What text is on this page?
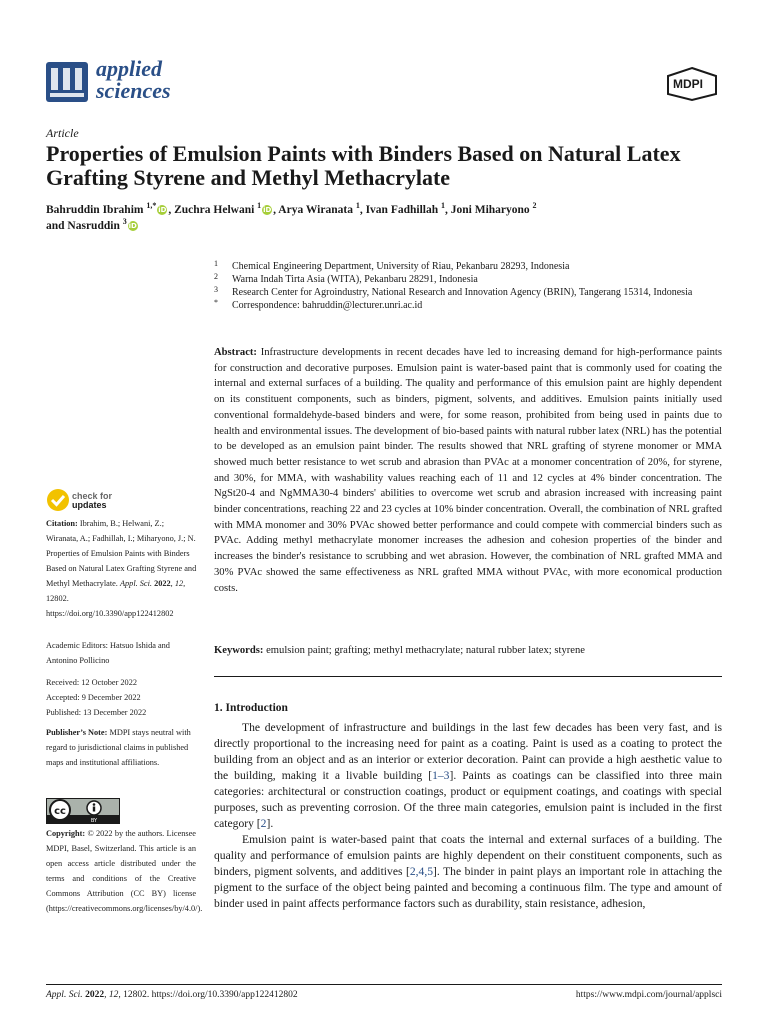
applied
sciences	MDPI
Article
Properties of Emulsion Paints with Binders Based on Natural Latex Grafting Styrene and Methyl Methacrylate
Bahruddin Ibrahim $^{1,*}$ iD , Zuchra Helwani $^1$ iD , Arya Wiranata $^1$, Ivan Fadhillah $^1$, Joni Miharyono $^2$
and Nasruddin $^3$ iD
1 Chemical Engineering Department, University of Riau, Pekanbaru 28293, Indonesia
2 Warna Indah Tirta Asia (WITA), Pekanbaru 28291, Indonesia
3 Research Center for Agroindustry, National Research and Innovation Agency (BRIN), Tangerang 15314, Indonesia
* Correspondence: bahruddin@lecturer.unri.ac.id
Abstract: Infrastructure developments in recent decades have led to increasing demand for high-performance paints for construction and decorative purposes. Emulsion paint is water-based paint that is commonly used for coating the internal and external surfaces of a building. The quality and performance of this emulsion paint are highly dependent on its constituent components, such as binders, pigment, solvents, and additives. Emulsion paints initially used conventional formaldehyde-based binders and were, for some reason, prohibited from being used in paints due to health and environmental issues. The development of bio-based paints with natural rubber latex (NRL) has the potential to be developed as an emulsion paint binder. The results showed that NRL grafting of styrene monomer or MMA showed much better resistance to wet scrub and abrasion than PVAc at a monomer concentration of 20%, for styrene, and 30%, for MMA, with washability values reaching each of 11 and 12 cycles at 4% binder concentration. The NgSt20-4 and NgMMA30-4 binders' abilities to overcome wet scrub and abrasion increased with increasing paint binder concentrations, reaching 22 and 23 cycles at 10% binder concentration. Overall, the combination of NRL grafted with MMA monomer and 30% PVAc showed better performance and could compete with commercial binders such as PVAc. Adding methyl methacrylate monomer increases the adhesion and cohesion properties of the binder and increases the binder's resistance to scrubbing and wet abrasion. However, the combination of NRL grafted MMA and 30% PVAc showed the same effectiveness as NRL grafted MMA without PVAc, with more economical production costs.
Keywords: emulsion paint; grafting; methyl methacrylate; natural rubber latex; styrene
check for
updates
Citation: Ibrahim, B.; Helwani, Z.; Wiranata, A.; Fadhillah, I.; Miharyono, J.; N. Properties of Emulsion Paints with Binders Based on Natural Latex Grafting Styrene and Methyl Methacrylate. Appl. Sci. 2022, 12, 12802. https://doi.org/10.3390/app122412802
Academic Editors: Hatsuo Ishida and Antonino Pollicino
Received: 12 October 2022
Accepted: 9 December 2022
Published: 13 December 2022
Publisher’s Note: MDPI stays neutral with regard to jurisdictional claims in published maps and institutional affiliations.
cc
BY
Copyright: © 2022 by the authors. Licensee MDPI, Basel, Switzerland. This article is an open access article distributed under the terms and conditions of the Creative Commons Attribution (CC BY) license (https://creativecommons.org/licenses/by/4.0/).
1. Introduction

The development of infrastructure and buildings in the last few decades has been very fast, and is directly proportional to the increasing need for paint as a coating. Paint is used as a coating to protect the building from an object and as an interior or exterior decoration. Paint can provide a high aesthetic value to the building, making it a livable building [1–3]. Paints as coatings can be classified into three main categories: architectural or construction coatings, product or equipment coatings, and coatings with special purposes, such as preventing corrosion. Of the three main categories, emulsion paint is included in the first category [2].

Emulsion paint is water-based paint that coats the internal and external surfaces of a building. The quality and performance of emulsion paints are highly dependent on their constituent components, such as binders, pigment solvents, and additives [2,4,5]. The binder in paint plays an important role in attaching the pigment to the surface of the object being painted and becoming a continuous film. The type and amount of binder used in paint affects performance factors such as durability, stain resistance, adhesion,

Appl. Sci. 2022, 12, 12802. https://doi.org/10.3390/app122412802	https://www.mdpi.com/journal/applsci
